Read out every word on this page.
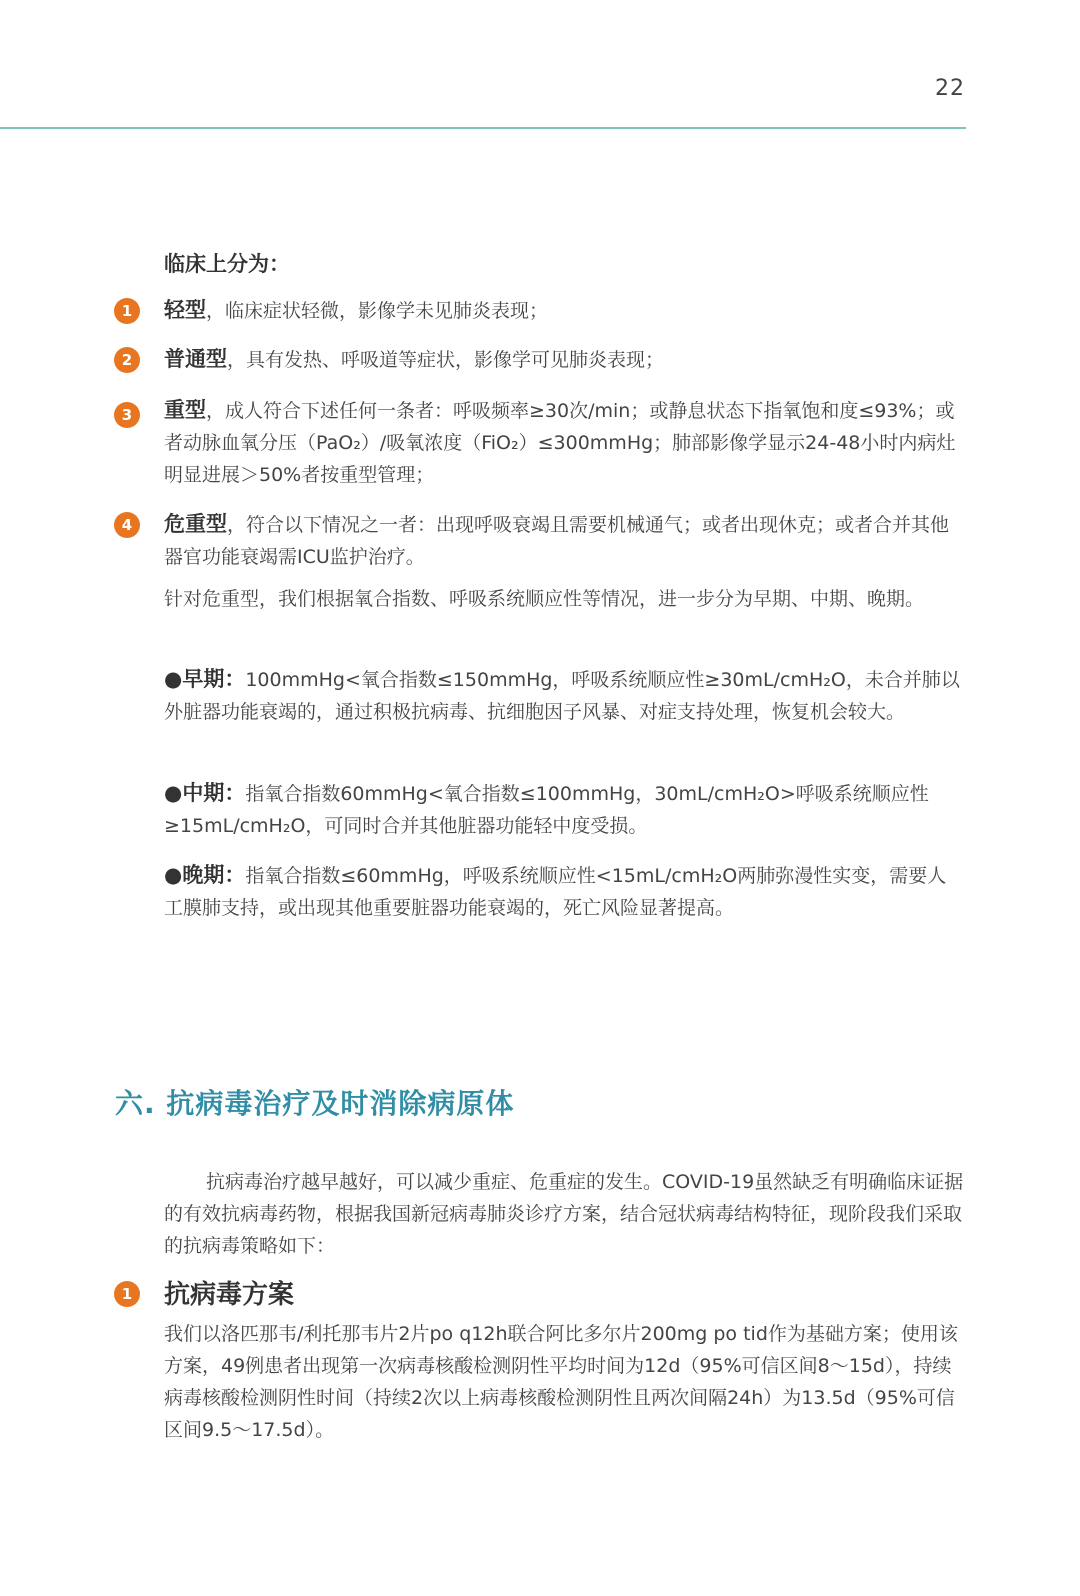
22
临床上分为：
1	轻型，临床症状轻微，影像学未见肺炎表现；
2	普通型，具有发热、呼吸道等症状，影像学可见肺炎表现；
3	重型，成人符合下述任何一条者：呼吸频率≥30次/min；或静息状态下指氧饱和度≤93%；或者动脉血氧分压（PaO₂）/吸氧浓度（FiO₂）≤300mmHg；肺部影像学显示24-48小时内病灶明显进展＞50%者按重型管理；
4	危重型，符合以下情况之一者：出现呼吸衰竭且需要机械通气；或者出现休克；或者合并其他器官功能衰竭需ICU监护治疗。
针对危重型，我们根据氧合指数、呼吸系统顺应性等情况，进一步分为早期、中期、晚期。
●早期：100mmHg<氧合指数≤150mmHg，呼吸系统顺应性≥30mL/cmH₂O，未合并肺以外脏器功能衰竭的，通过积极抗病毒、抗细胞因子风暴、对症支持处理，恢复机会较大。
●中期：指氧合指数60mmHg<氧合指数≤100mmHg，30mL/cmH₂O>呼吸系统顺应性≥15mL/cmH₂O，可同时合并其他脏器功能轻中度受损。
●晚期：指氧合指数≤60mmHg，呼吸系统顺应性<15mL/cmH₂O两肺弥漫性实变，需要人工膜肺支持，或出现其他重要脏器功能衰竭的，死亡风险显著提高。
六. 抗病毒治疗及时消除病原体
抗病毒治疗越早越好，可以减少重症、危重症的发生。COVID-19虽然缺乏有明确临床证据的有效抗病毒药物，根据我国新冠病毒肺炎诊疗方案，结合冠状病毒结构特征，现阶段我们采取的抗病毒策略如下：
1 抗病毒方案
我们以洛匹那韦/利托那韦片2片po q12h联合阿比多尔片200mg po tid作为基础方案；使用该方案，49例患者出现第一次病毒核酸检测阴性平均时间为12d（95%可信区间8～15d），持续病毒核酸检测阴性时间（持续2次以上病毒核酸检测阴性且两次间隔24h）为13.5d（95%可信区间9.5～17.5d）。
